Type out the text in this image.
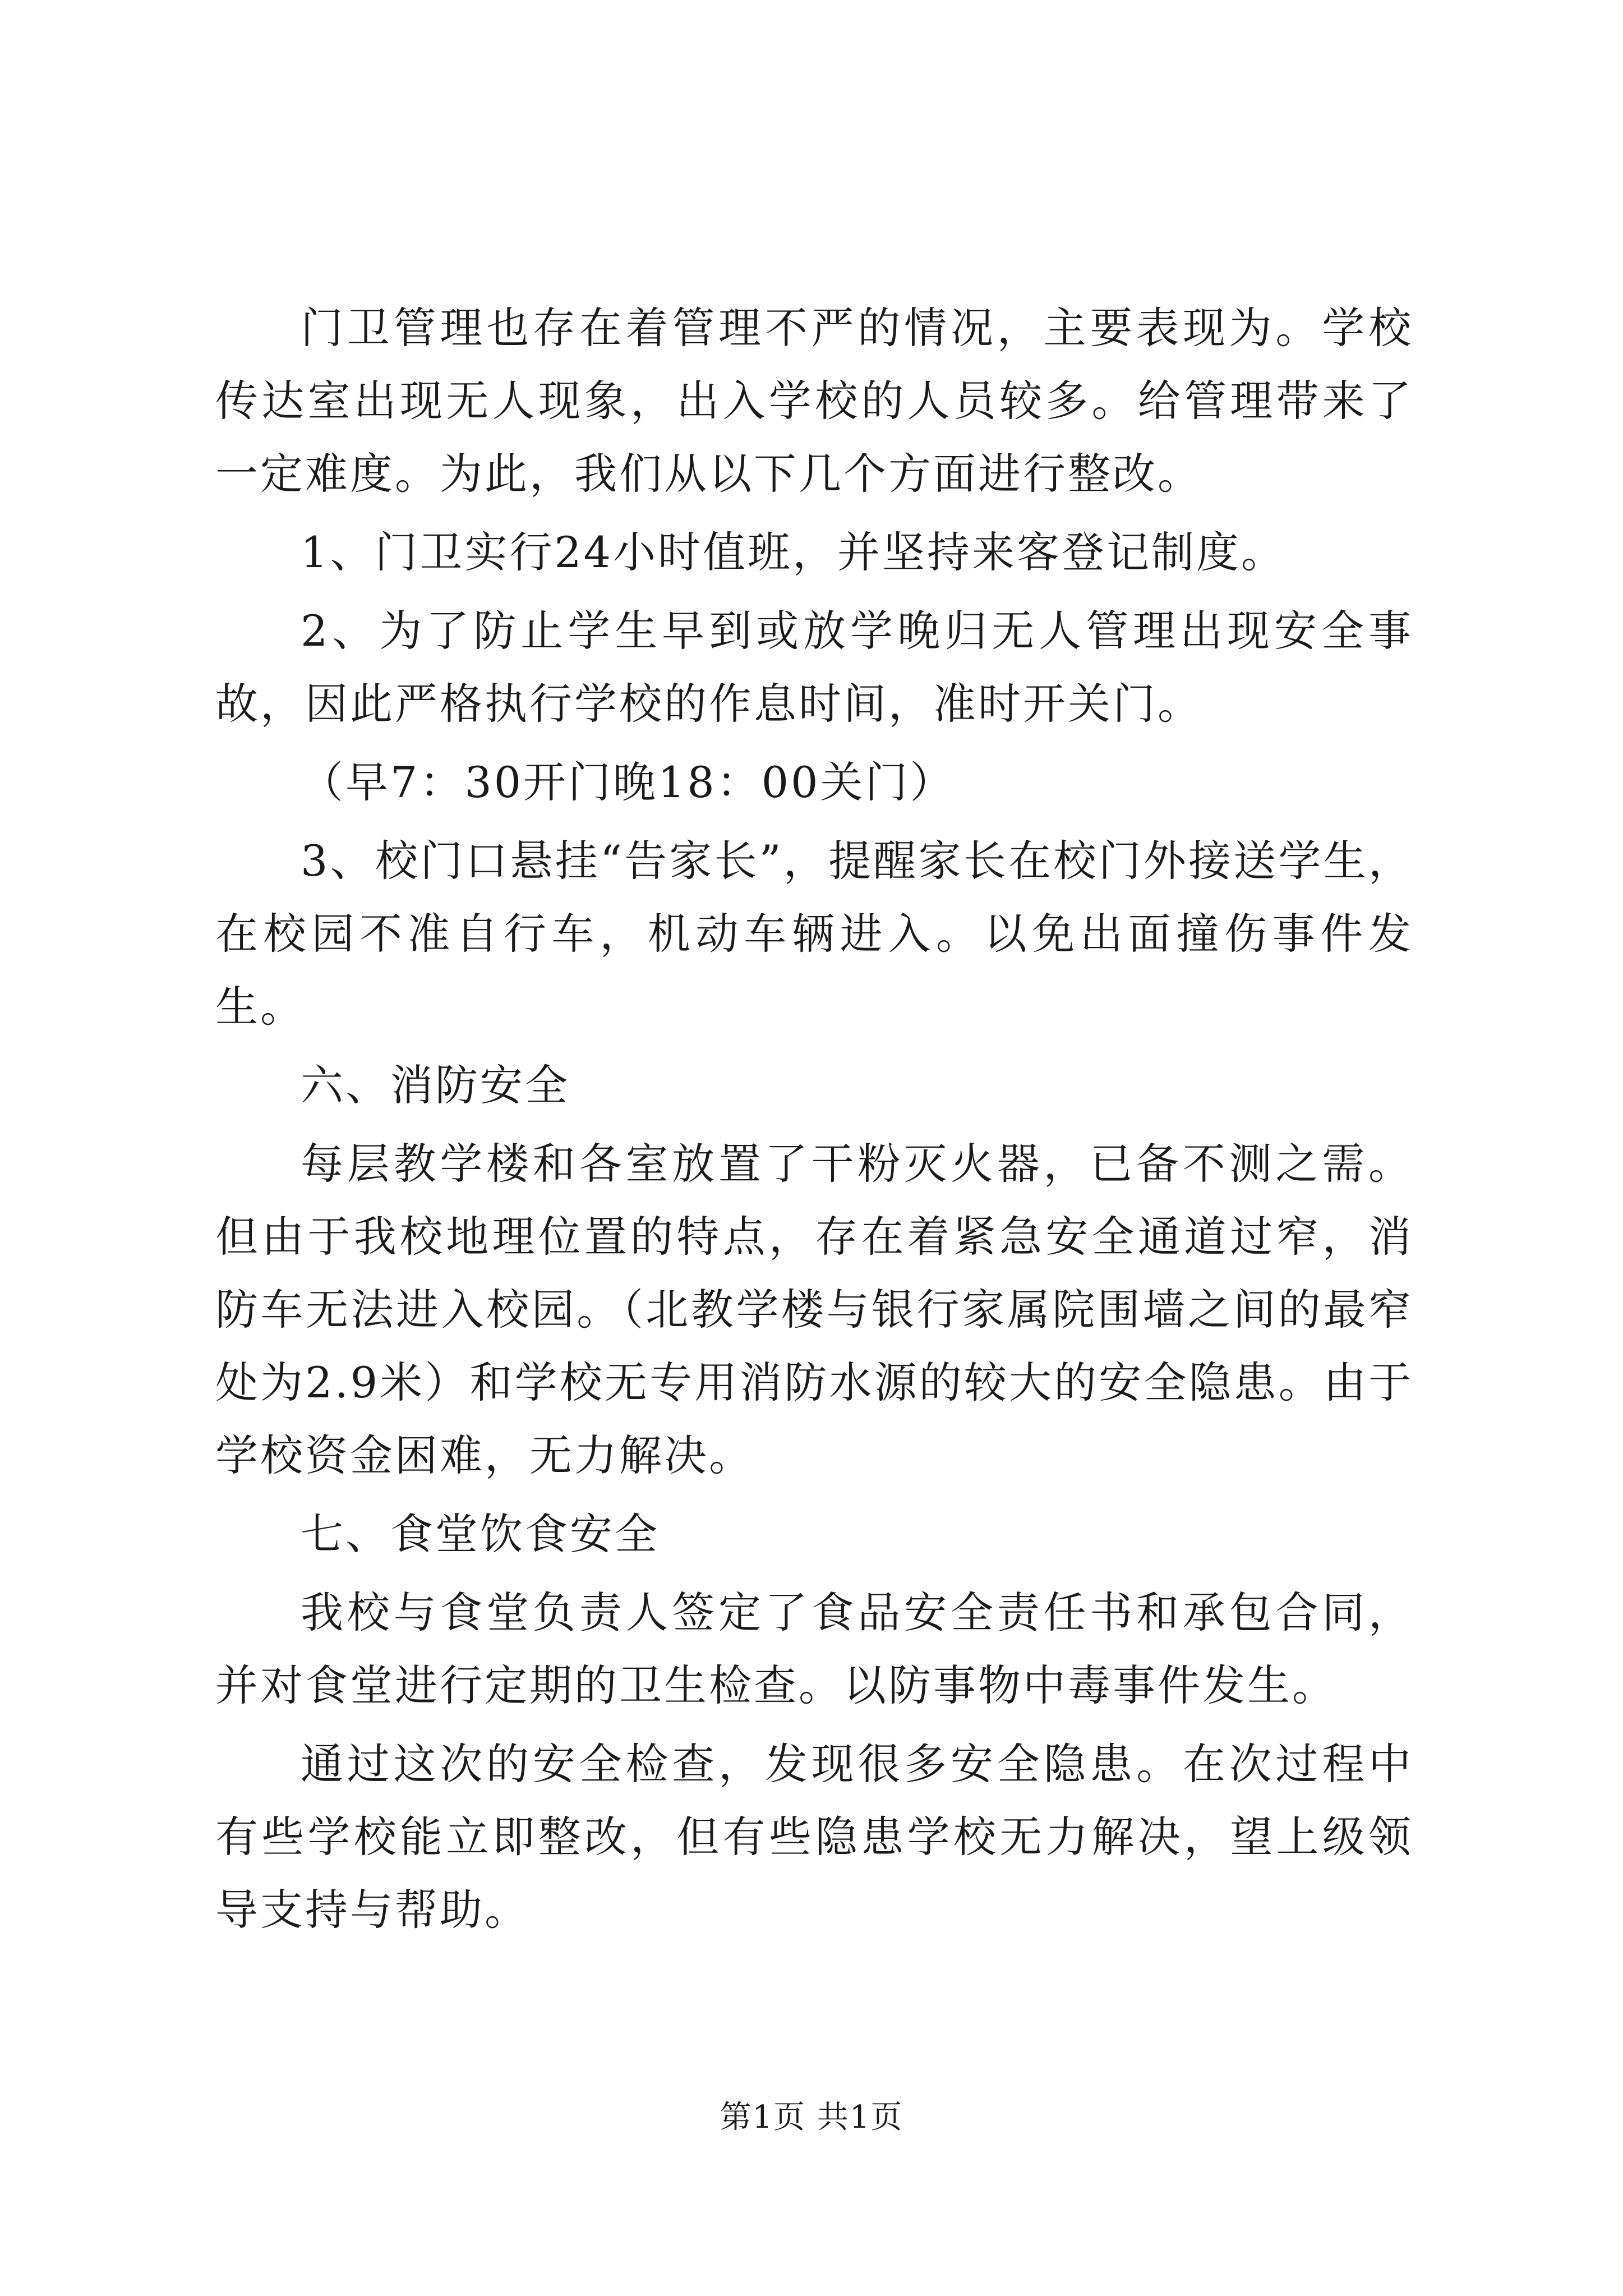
门卫管理也存在着管理不严的情况，主要表现为。学校传达室出现无人现象，出入学校的人员较多。给管理带来了一定难度。为此，我们从以下几个方面进行整改。

1、门卫实行24小时值班，并坚持来客登记制度。

2、为了防止学生早到或放学晚归无人管理出现安全事故，因此严格执行学校的作息时间，准时开关门。

（早7：30开门晚18：00关门）

3、校门口悬挂“告家长”，提醒家长在校门外接送学生，在校园不准自行车，机动车辆进入。以免出面撞伤事件发生。

六、消防安全

每层教学楼和各室放置了干粉灭火器，已备不测之需。但由于我校地理位置的特点，存在着紧急安全通道过窄，消防车无法进入校园。（北教学楼与银行家属院围墙之间的最窄处为2.9米）和学校无专用消防水源的较大的安全隐患。由于学校资金困难，无力解决。

七、食堂饮食安全

我校与食堂负责人签定了食品安全责任书和承包合同，并对食堂进行定期的卫生检查。以防事物中毒事件发生。

通过这次的安全检查，发现很多安全隐患。在次过程中有些学校能立即整改，但有些隐患学校无力解决，望上级领导支持与帮助。

第1页 共1页
